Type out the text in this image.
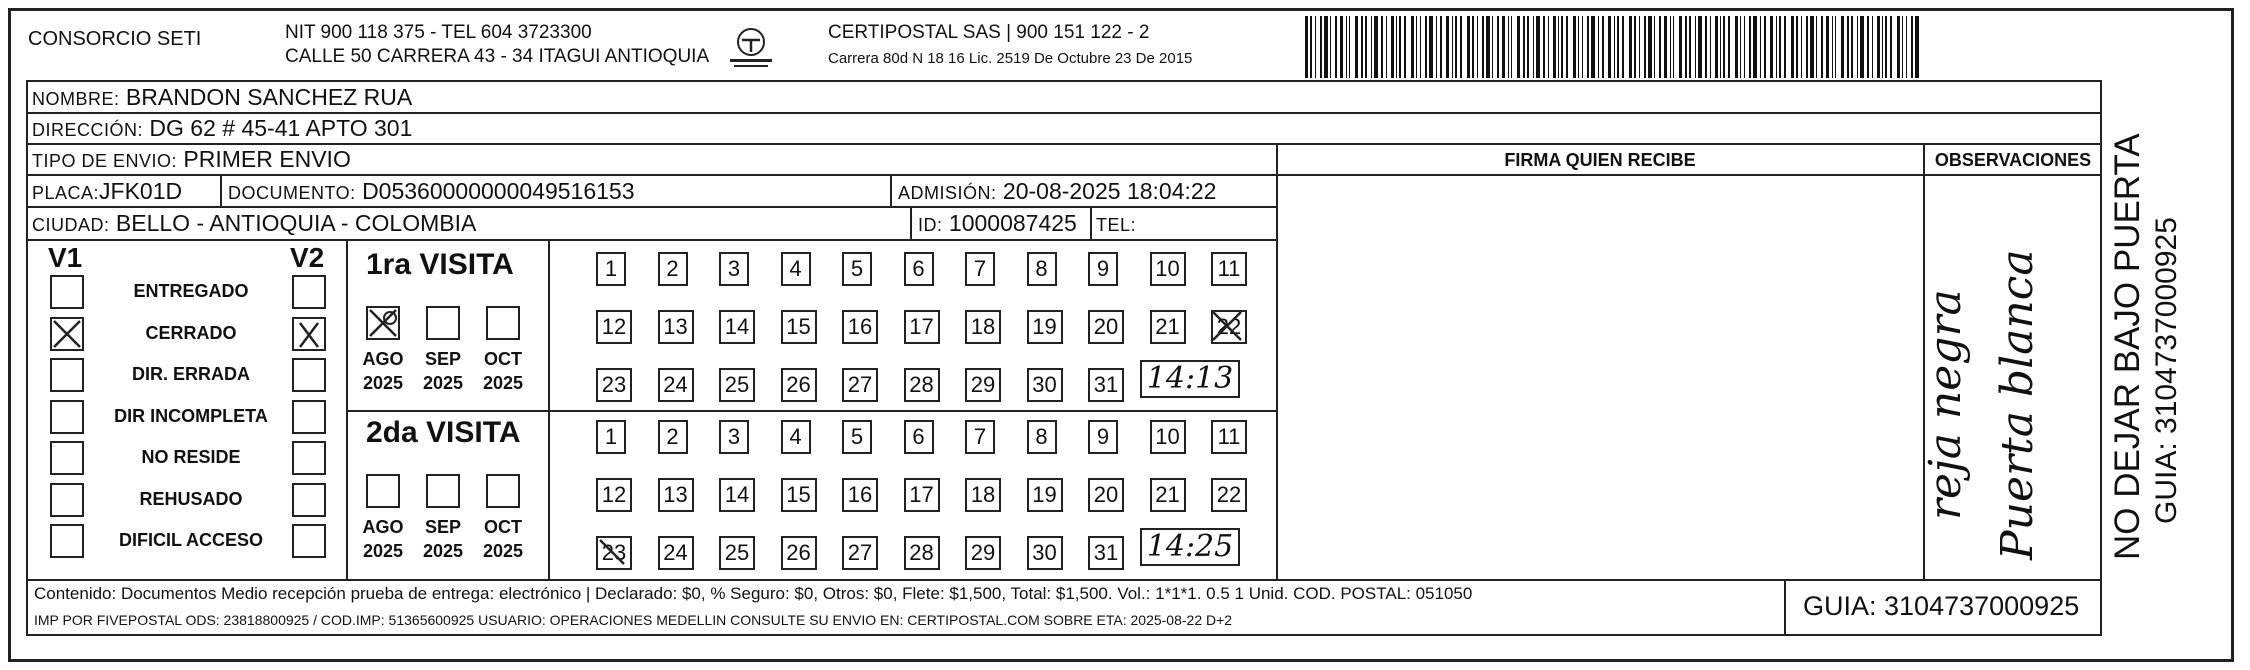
CONSORCIO SETI	NIT 900 118 375 - TEL 604 3723300
CALLE 50 CARRERA 43 - 34 ITAGUI ANTIOQUIA
CERTIPOSTAL SAS | 900 151 122 - 2
Carrera 80d N 18 16 Lic. 2519 De Octubre 23 De 2015
NOMBRE: BRANDON SANCHEZ RUA
DIRECCIÓN: DG 62 # 45-41 APTO 301
TIPO DE ENVIO: PRIMER ENVIO
PLACA:JFK01D	DOCUMENTO: D05360000000049516153	ADMISIÓN: 20-08-2025 18:04:22
CIUDAD: BELLO - ANTIOQUIA - COLOMBIA	ID: 1000087425 TEL:
FIRMA QUIEN RECIBE	OBSERVACIONES
V1	V2
ENTREGADO
CERRADO
DIR. ERRADA
DIR INCOMPLETA
NO RESIDE
REHUSADO
DIFICIL ACCESO
1ra VISITA
2da VISITA
AGO
2025
SEP
2025
OCT
2025
1	2	3	4	5	6	7	8	9	10 11
12 13 14 15 16 17 18 19 20 21 22
23 24 25 26 27 28 29 30 31 14:13
AGO
2025
SEP
2025
OCT
2025
1	2	3	4	5	6	7	8	9	10 11
12 13 14 15 16 17 18 19 20 21 22
23 24 25 26 27 28 29 30 31 14:25
reja negra Puerta blanca
Contenido: Documentos Medio recepción prueba de entrega: electrónico | Declarado: $0, % Seguro: $0, Otros: $0, Flete: $1,500, Total: $1,500. Vol.: 1*1*1. 0.5 1 Unid. COD. POSTAL: 051050
IMP POR FIVEPOSTAL ODS: 23818800925 / COD.IMP: 51365600925 USUARIO: OPERACIONES MEDELLIN CONSULTE SU ENVIO EN: CERTIPOSTAL.COM SOBRE ETA: 2025-08-22 D+2	GUIA: 3104737000925
NO DEJAR BAJO PUERTA GUIA: 3104737000925
